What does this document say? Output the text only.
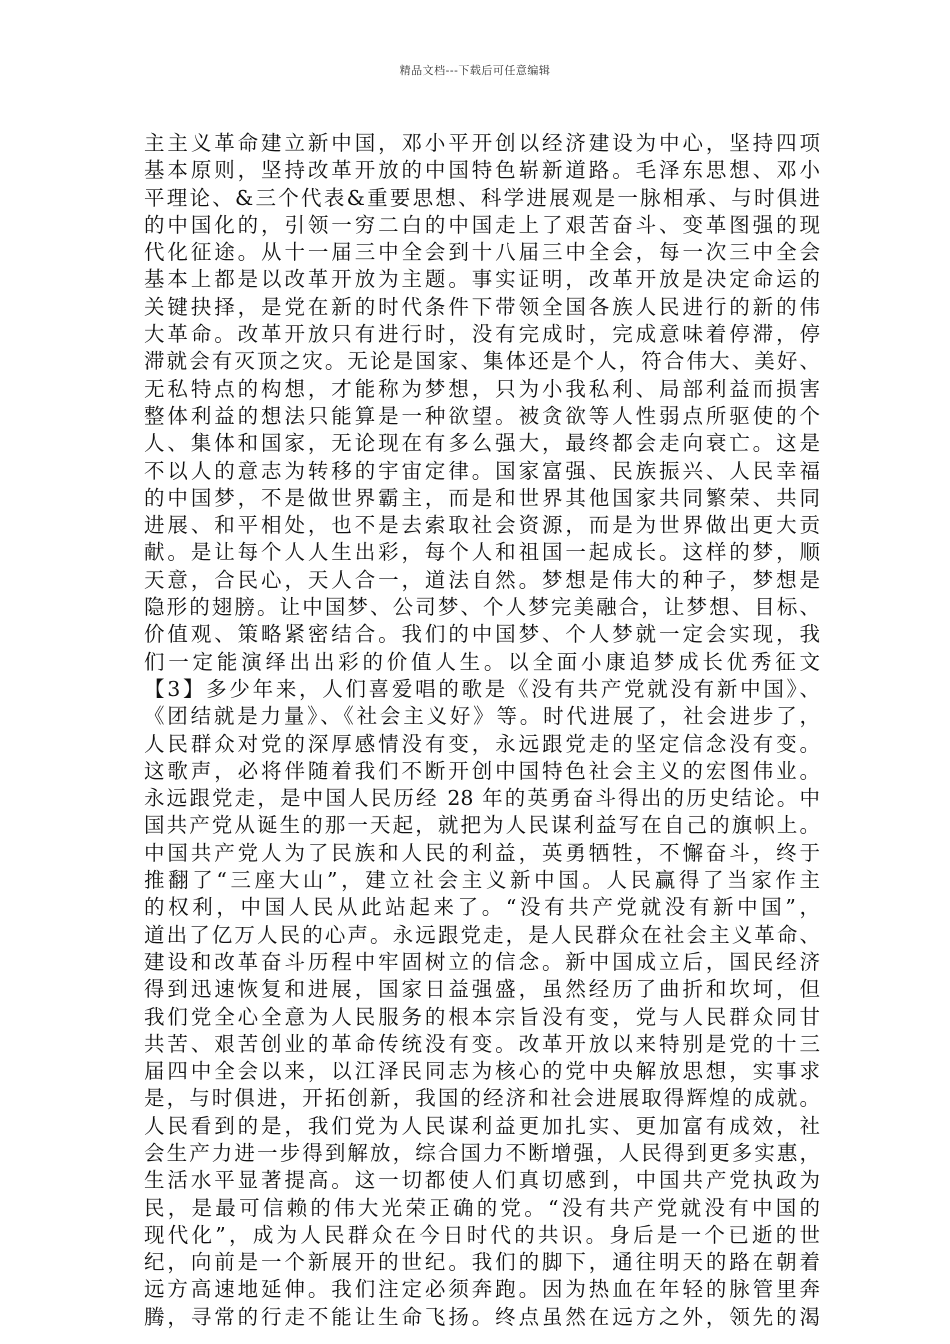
精品文档---下载后可任意编辑
主主义革命建立新中国，邓小平开创以经济建设为中心，坚持四项
基本原则，坚持改革开放的中国特色崭新道路。毛泽东思想、邓小
平理论、&三个代表&重要思想、科学进展观是一脉相承、与时俱进
的中国化的，引领一穷二白的中国走上了艰苦奋斗、变革图强的现
代化征途。从十一届三中全会到十八届三中全会，每一次三中全会
基本上都是以改革开放为主题。事实证明，改革开放是决定命运的
关键抉择，是党在新的时代条件下带领全国各族人民进行的新的伟
大革命。改革开放只有进行时，没有完成时，完成意味着停滞，停
滞就会有灭顶之灾。无论是国家、集体还是个人，符合伟大、美好、
无私特点的构想，才能称为梦想，只为小我私利、局部利益而损害
整体利益的想法只能算是一种欲望。被贪欲等人性弱点所驱使的个
人、集体和国家，无论现在有多么强大，最终都会走向衰亡。这是
不以人的意志为转移的宇宙定律。国家富强、民族振兴、人民幸福
的中国梦，不是做世界霸主，而是和世界其他国家共同繁荣、共同
进展、和平相处，也不是去索取社会资源，而是为世界做出更大贡
献。是让每个人人生出彩，每个人和祖国一起成长。这样的梦，顺
天意，合民心，天人合一，道法自然。梦想是伟大的种子，梦想是
隐形的翅膀。让中国梦、公司梦、个人梦完美融合，让梦想、目标、
价值观、策略紧密结合。我们的中国梦、个人梦就一定会实现，我
们一定能演绎出出彩的价值人生。以全面小康追梦成长优秀征文
【3】多少年来，人们喜爱唱的歌是《没有共产党就没有新中国》、
《团结就是力量》、《社会主义好》等。时代进展了，社会进步了，
人民群众对党的深厚感情没有变，永远跟党走的坚定信念没有变。
这歌声，必将伴随着我们不断开创中国特色社会主义的宏图伟业。
永远跟党走，是中国人民历经 28 年的英勇奋斗得出的历史结论。中
国共产党从诞生的那一天起，就把为人民谋利益写在自己的旗帜上。
中国共产党人为了民族和人民的利益，英勇牺牲，不懈奋斗，终于
推翻了“三座大山”，建立社会主义新中国。人民赢得了当家作主
的权利，中国人民从此站起来了。“没有共产党就没有新中国”，
道出了亿万人民的心声。永远跟党走，是人民群众在社会主义革命、
建设和改革奋斗历程中牢固树立的信念。新中国成立后，国民经济
得到迅速恢复和进展，国家日益强盛，虽然经历了曲折和坎坷，但
我们党全心全意为人民服务的根本宗旨没有变，党与人民群众同甘
共苦、艰苦创业的革命传统没有变。改革开放以来特别是党的十三
届四中全会以来，以江泽民同志为核心的党中央解放思想，实事求
是，与时俱进，开拓创新，我国的经济和社会进展取得辉煌的成就。
人民看到的是，我们党为人民谋利益更加扎实、更加富有成效，社
会生产力进一步得到解放，综合国力不断增强，人民得到更多实惠，
生活水平显著提高。这一切都使人们真切感到，中国共产党执政为
民，是最可信赖的伟大光荣正确的党。“没有共产党就没有中国的
现代化”，成为人民群众在今日时代的共识。身后是一个已逝的世
纪，向前是一个新展开的世纪。我们的脚下，通往明天的路在朝着
远方高速地延伸。我们注定必须奔跑。因为热血在年轻的脉管里奔
腾，寻常的行走不能让生命飞扬。终点虽然在远方之外，领先的渴
